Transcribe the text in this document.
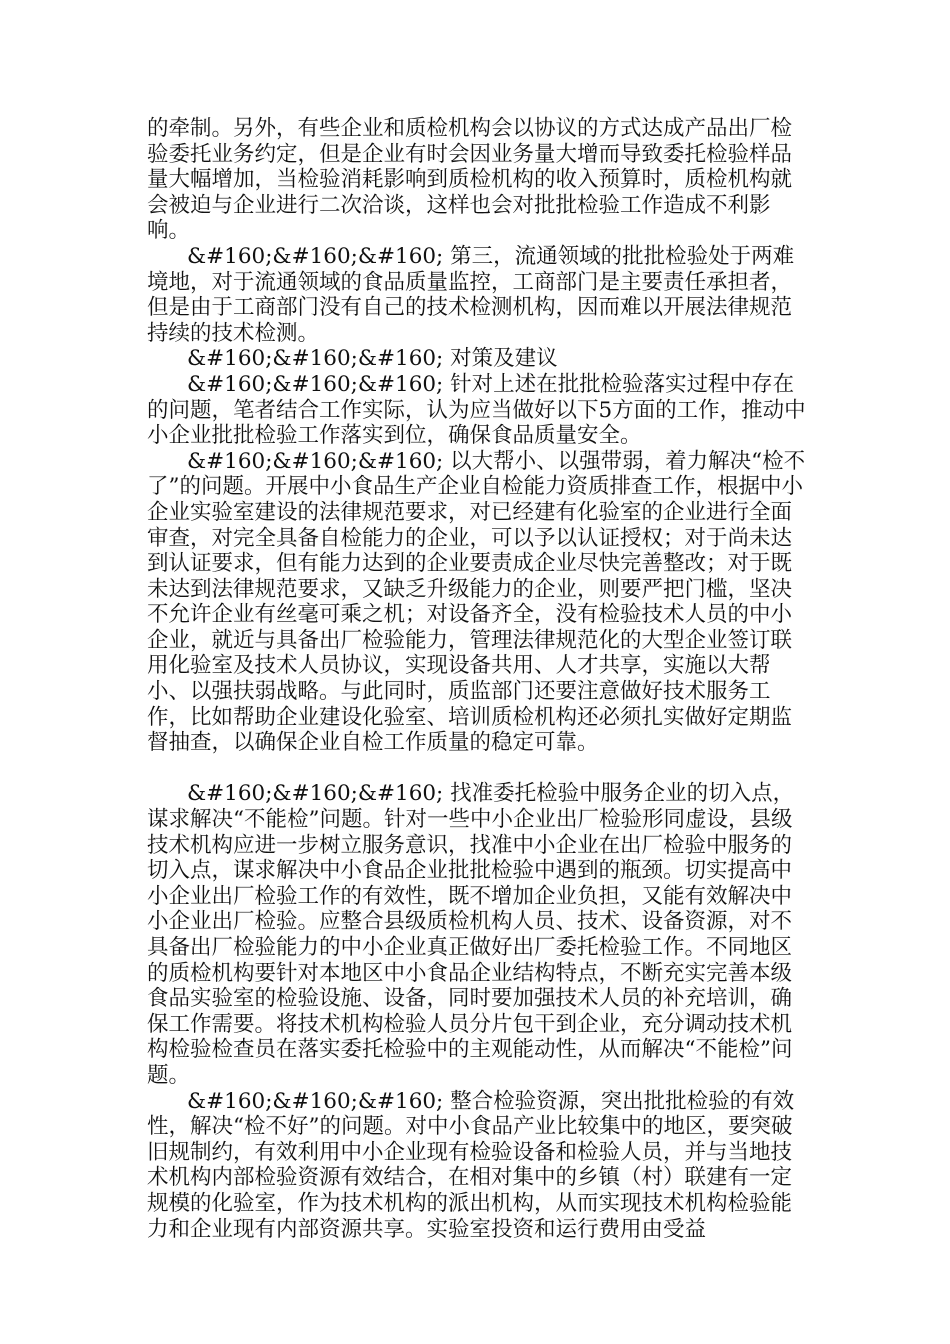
的牵制。另外，有些企业和质检机构会以协议的方式达成产品出厂检验委托业务约定，但是企业有时会因业务量大增而导致委托检验样品量大幅增加，当检验消耗影响到质检机构的收入预算时，质检机构就会被迫与企业进行二次洽谈，这样也会对批批检验工作造成不利影响。

&#160;&#160;&#160; 第三，流通领域的批批检验处于两难境地，对于流通领域的食品质量监控，工商部门是主要责任承担者，但是由于工商部门没有自己的技术检测机构，因而难以开展法律规范持续的技术检测。

&#160;&#160;&#160; 对策及建议

&#160;&#160;&#160; 针对上述在批批检验落实过程中存在的问题，笔者结合工作实际，认为应当做好以下5方面的工作，推动中小企业批批检验工作落实到位，确保食品质量安全。

&#160;&#160;&#160; 以大帮小、以强带弱，着力解决“检不了”的问题。开展中小食品生产企业自检能力资质排查工作，根据中小企业实验室建设的法律规范要求，对已经建有化验室的企业进行全面审查，对完全具备自检能力的企业，可以予以认证授权；对于尚未达到认证要求，但有能力达到的企业要责成企业尽快完善整改；对于既未达到法律规范要求，又缺乏升级能力的企业，则要严把门槛，坚决不允许企业有丝毫可乘之机；对设备齐全，没有检验技术人员的中小企业，就近与具备出厂检验能力，管理法律规范化的大型企业签订联用化验室及技术人员协议，实现设备共用、人才共享，实施以大帮小、以强扶弱战略。与此同时，质监部门还要注意做好技术服务工作，比如帮助企业建设化验室、培训质检机构还必须扎实做好定期监督抽查，以确保企业自检工作质量的稳定可靠。

&#160;&#160;&#160; 找准委托检验中服务企业的切入点，谋求解决“不能检”问题。针对一些中小企业出厂检验形同虚设，县级技术机构应进一步树立服务意识，找准中小企业在出厂检验中服务的切入点，谋求解决中小食品企业批批检验中遇到的瓶颈。切实提高中小企业出厂检验工作的有效性，既不增加企业负担，又能有效解决中小企业出厂检验。应整合县级质检机构人员、技术、设备资源，对不具备出厂检验能力的中小企业真正做好出厂委托检验工作。不同地区的质检机构要针对本地区中小食品企业结构特点，不断充实完善本级食品实验室的检验设施、设备，同时要加强技术人员的补充培训，确保工作需要。将技术机构检验人员分片包干到企业，充分调动技术机构检验检查员在落实委托检验中的主观能动性，从而解决“不能检”问题。

&#160;&#160;&#160; 整合检验资源，突出批批检验的有效性，解决“检不好”的问题。对中小食品产业比较集中的地区，要突破旧规制约，有效利用中小企业现有检验设备和检验人员，并与当地技术机构内部检验资源有效结合，在相对集中的乡镇（村）联建有一定规模的化验室，作为技术机构的派出机构，从而实现技术机构检验能力和企业现有内部资源共享。实验室投资和运行费用由受益
